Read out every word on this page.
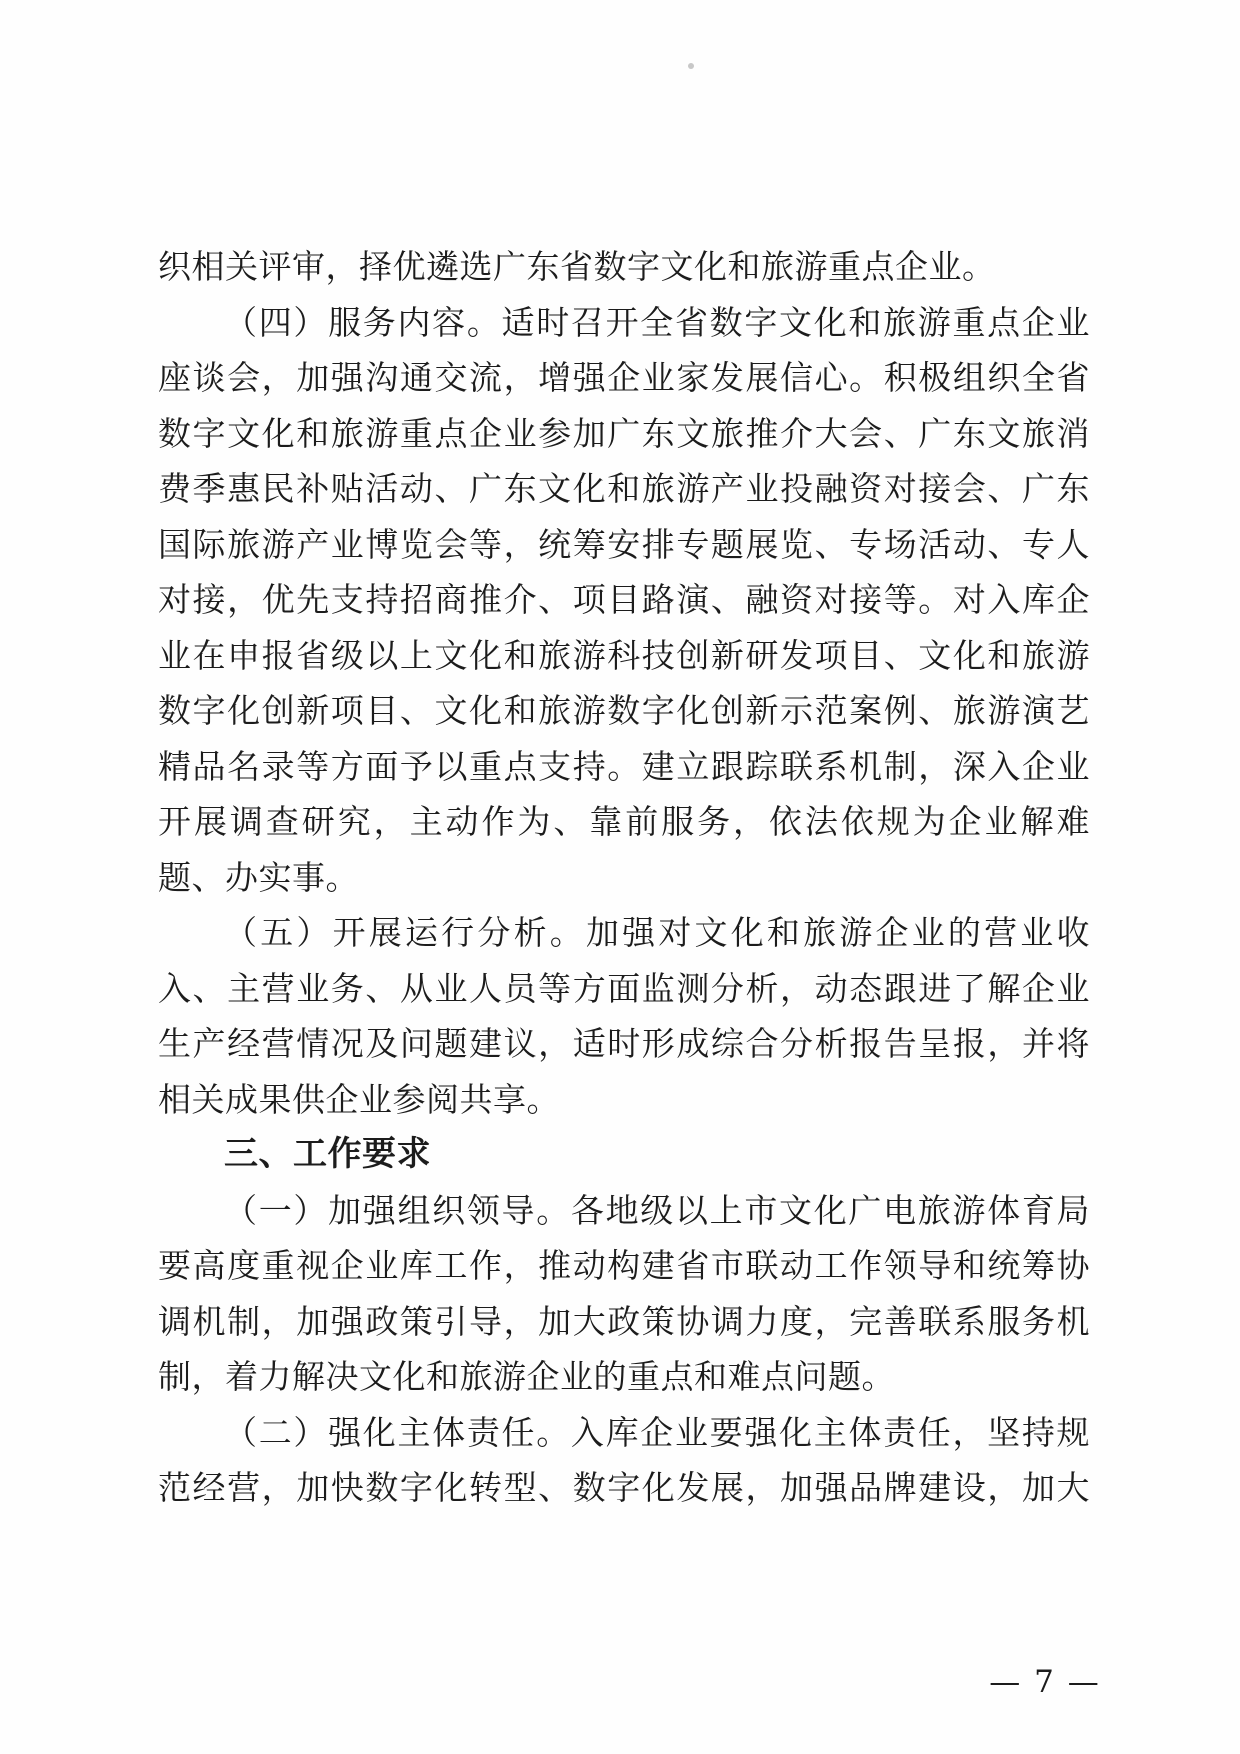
织相关评审，择优遴选广东省数字文化和旅游重点企业。
（四）服务内容。适时召开全省数字文化和旅游重点企业
座谈会，加强沟通交流，增强企业家发展信心。积极组织全省
数字文化和旅游重点企业参加广东文旅推介大会、广东文旅消
费季惠民补贴活动、广东文化和旅游产业投融资对接会、广东
国际旅游产业博览会等，统筹安排专题展览、专场活动、专人
对接，优先支持招商推介、项目路演、融资对接等。对入库企
业在申报省级以上文化和旅游科技创新研发项目、文化和旅游
数字化创新项目、文化和旅游数字化创新示范案例、旅游演艺
精品名录等方面予以重点支持。建立跟踪联系机制，深入企业
开展调查研究，主动作为、靠前服务，依法依规为企业解难
题、办实事。
（五）开展运行分析。加强对文化和旅游企业的营业收
入、主营业务、从业人员等方面监测分析，动态跟进了解企业
生产经营情况及问题建议，适时形成综合分析报告呈报，并将
相关成果供企业参阅共享。
三、工作要求
（一）加强组织领导。各地级以上市文化广电旅游体育局
要高度重视企业库工作，推动构建省市联动工作领导和统筹协
调机制，加强政策引导，加大政策协调力度，完善联系服务机
制，着力解决文化和旅游企业的重点和难点问题。
（二）强化主体责任。入库企业要强化主体责任，坚持规
范经营，加快数字化转型、数字化发展，加强品牌建设，加大
— 7 —
